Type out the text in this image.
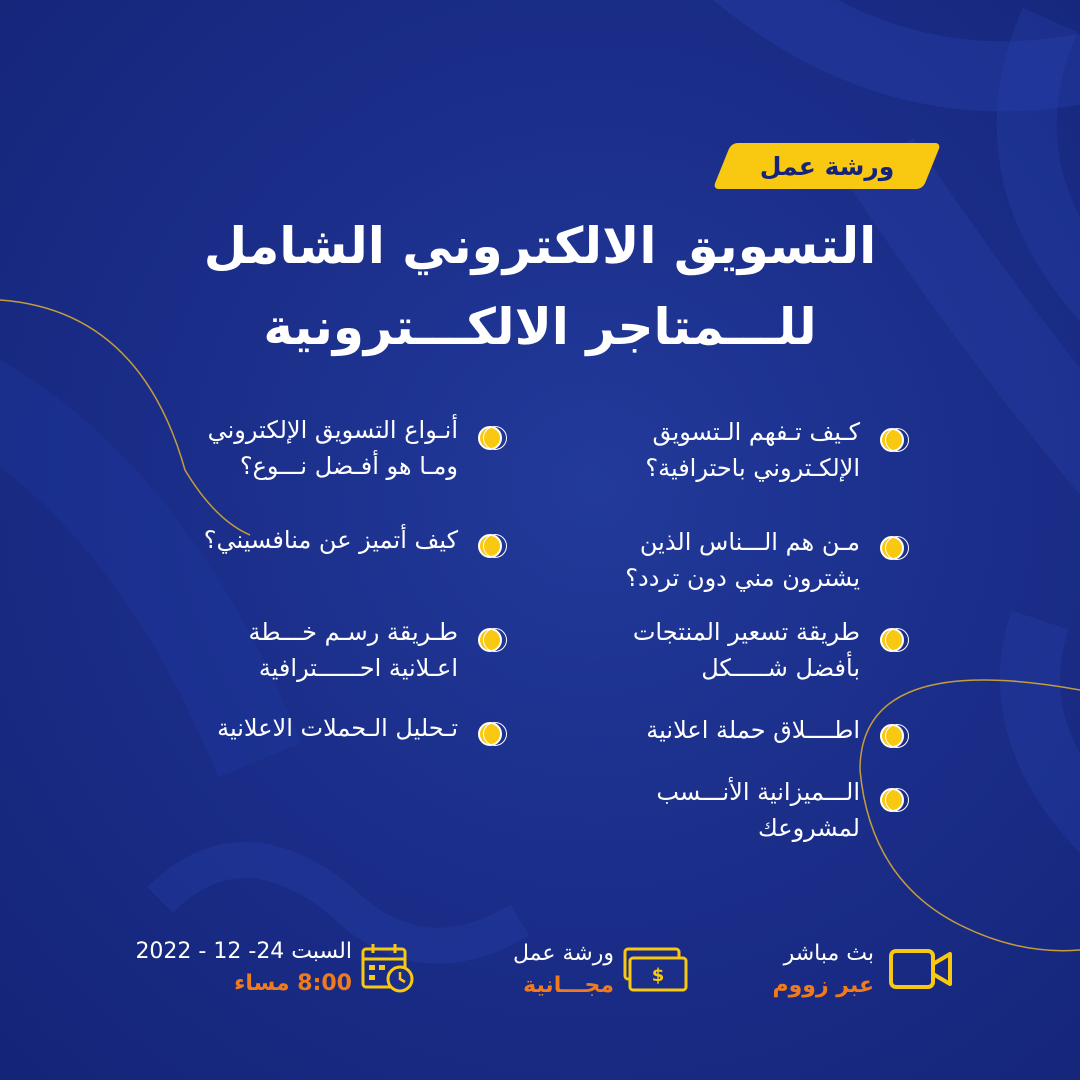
ورشة عمل
التسويق الالكتروني الشامل
للـــمتاجر الالكـــترونية
كـيف تـفهم الـتسويق
الإلكـتروني باحترافية؟
مـن هم الـــناس الذين
يشترون مني دون تردد؟
طريقة تسعير المنتجات
بأفضل شـــــكل
اطــــلاق حملة اعلانية
الـــميزانية الأنـــسب
لمشروعك
أنـواع التسويق الإلكتروني
ومـا هو أفـضل نـــوع؟
كيف أتميز عن منافسيني؟
طـريقة رسـم خـــطة
اعـلانية احــــــترافية
تـحليل الـحملات الاعلانية
بث مباشر
عبر زووم
$
ورشة عمل
مجـــانية
السبت 24- 12 - 2022
8:00 مساء
